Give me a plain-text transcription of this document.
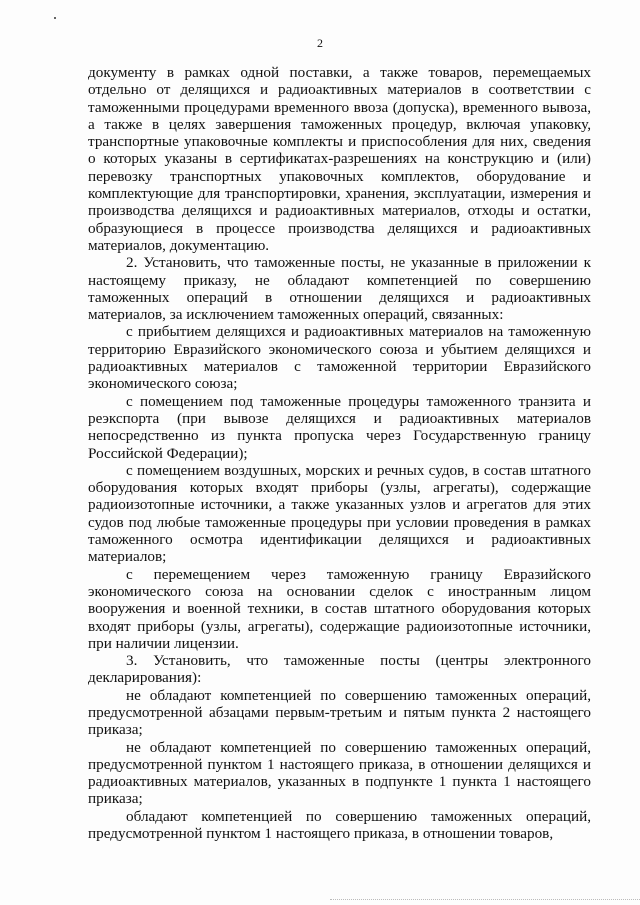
2

документу в рамках одной поставки, а также товаров, перемещаемых отдельно от делящихся и радиоактивных материалов в соответствии с таможенными процедурами временного ввоза (допуска), временного вывоза, а также в целях завершения таможенных процедур, включая упаковку, транспортные упаковочные комплекты и приспособления для них, сведения о которых указаны в сертификатах-разрешениях на конструкцию и (или) перевозку транспортных упаковочных комплектов, оборудование и комплектующие для транспортировки, хранения, эксплуатации, измерения и производства делящихся и радиоактивных материалов, отходы и остатки, образующиеся в процессе производства делящихся и радиоактивных материалов, документацию.

2. Установить, что таможенные посты, не указанные в приложении к настоящему приказу, не обладают компетенцией по совершению таможенных операций в отношении делящихся и радиоактивных материалов, за исключением таможенных операций, связанных:

с прибытием делящихся и радиоактивных материалов на таможенную территорию Евразийского экономического союза и убытием делящихся и радиоактивных материалов с таможенной территории Евразийского экономического союза;

с помещением под таможенные процедуры таможенного транзита и реэкспорта (при вывозе делящихся и радиоактивных материалов непосредственно из пункта пропуска через Государственную границу Российской Федерации);

с помещением воздушных, морских и речных судов, в состав штатного оборудования которых входят приборы (узлы, агрегаты), содержащие радиоизотопные источники, а также указанных узлов и агрегатов для этих судов под любые таможенные процедуры при условии проведения в рамках таможенного осмотра идентификации делящихся и радиоактивных материалов;

с перемещением через таможенную границу Евразийского экономического союза на основании сделок с иностранным лицом вооружения и военной техники, в состав штатного оборудования которых входят приборы (узлы, агрегаты), содержащие радиоизотопные источники, при наличии лицензии.

3. Установить, что таможенные посты (центры электронного декларирования):

не обладают компетенцией по совершению таможенных операций, предусмотренной абзацами первым-третьим и пятым пункта 2 настоящего приказа;

не обладают компетенцией по совершению таможенных операций, предусмотренной пунктом 1 настоящего приказа, в отношении делящихся и радиоактивных материалов, указанных в подпункте 1 пункта 1 настоящего приказа;

обладают компетенцией по совершению таможенных операций, предусмотренной пунктом 1 настоящего приказа, в отношении товаров,
